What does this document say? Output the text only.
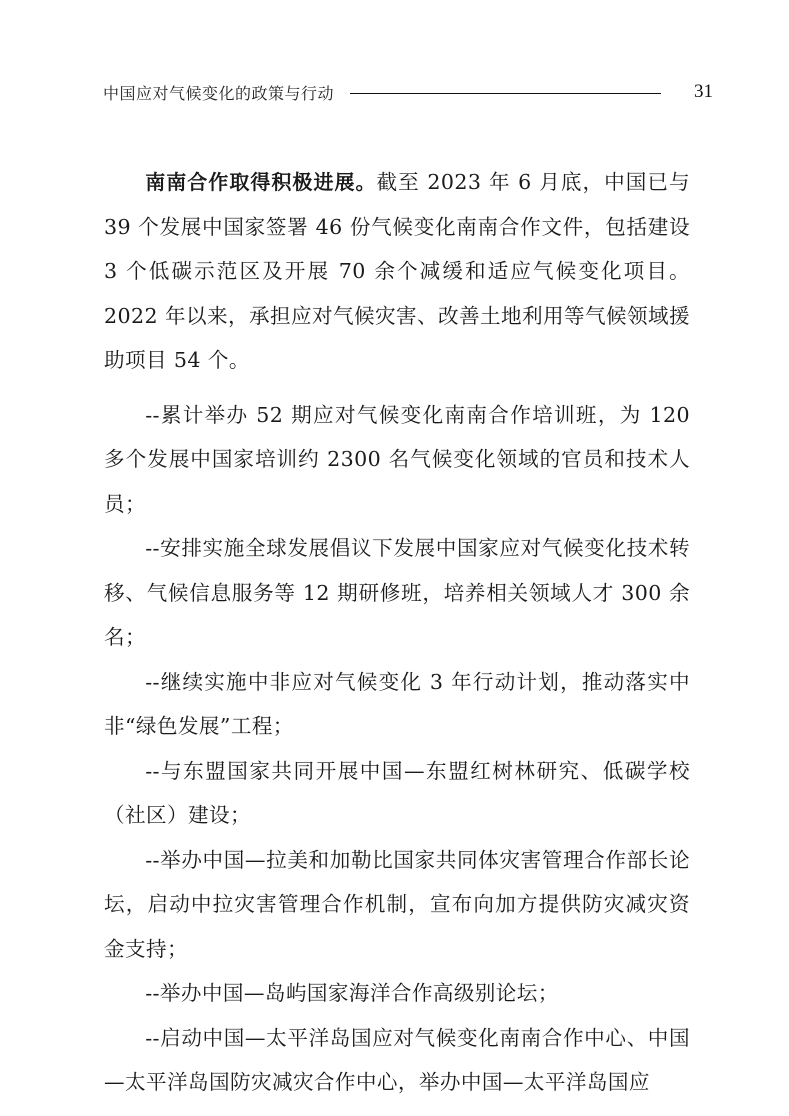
中国应对气候变化的政策与行动	31

南南合作取得积极进展。截至 2023 年 6 月底，中国已与 39 个发展中国家签署 46 份气候变化南南合作文件，包括建设 3 个低碳示范区及开展 70 余个减缓和适应气候变化项目。2022 年以来，承担应对气候灾害、改善土地利用等气候领域援助项目 54 个。

--累计举办 52 期应对气候变化南南合作培训班，为 120 多个发展中国家培训约 2300 名气候变化领域的官员和技术人员；

--安排实施全球发展倡议下发展中国家应对气候变化技术转移、气候信息服务等 12 期研修班，培养相关领域人才 300 余名；

--继续实施中非应对气候变化 3 年行动计划，推动落实中非“绿色发展”工程；

--与东盟国家共同开展中国—东盟红树林研究、低碳学校（社区）建设；

--举办中国—拉美和加勒比国家共同体灾害管理合作部长论坛，启动中拉灾害管理合作机制，宣布向加方提供防灾减灾资金支持；

--举办中国—岛屿国家海洋合作高级别论坛；

--启动中国—太平洋岛国应对气候变化南南合作中心、中国—太平洋岛国防灾减灾合作中心，举办中国—太平洋岛国应
